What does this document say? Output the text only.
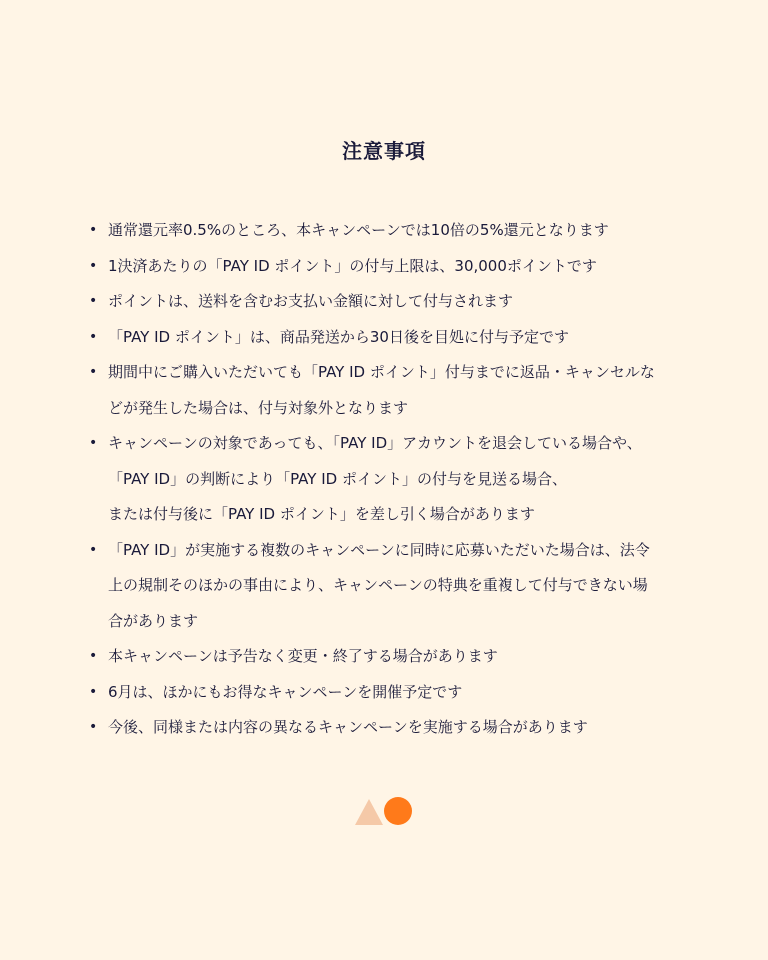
注意事項
• 通常還元率0.5%のところ、本キャンペーンでは10倍の5%還元となります
• 1決済あたりの「PAY ID ポイント」の付与上限は、30,000ポイントです
• ポイントは、送料を含むお支払い金額に対して付与されます
• 「PAY ID ポイント」は、商品発送から30日後を目処に付与予定です
• 期間中にご購入いただいても「PAY ID ポイント」付与までに返品・キャンセルな
どが発生した場合は、付与対象外となります
• キャンペーンの対象であっても、「PAY ID」アカウントを退会している場合や、
「PAY ID」の判断により「PAY ID ポイント」の付与を見送る場合、
または付与後に「PAY ID ポイント」を差し引く場合があります
• 「PAY ID」が実施する複数のキャンペーンに同時に応募いただいた場合は、法令
上の規制そのほかの事由により、キャンペーンの特典を重複して付与できない場
合があります
• 本キャンペーンは予告なく変更・終了する場合があります
• 6月は、ほかにもお得なキャンペーンを開催予定です
• 今後、同様または内容の異なるキャンペーンを実施する場合があります
